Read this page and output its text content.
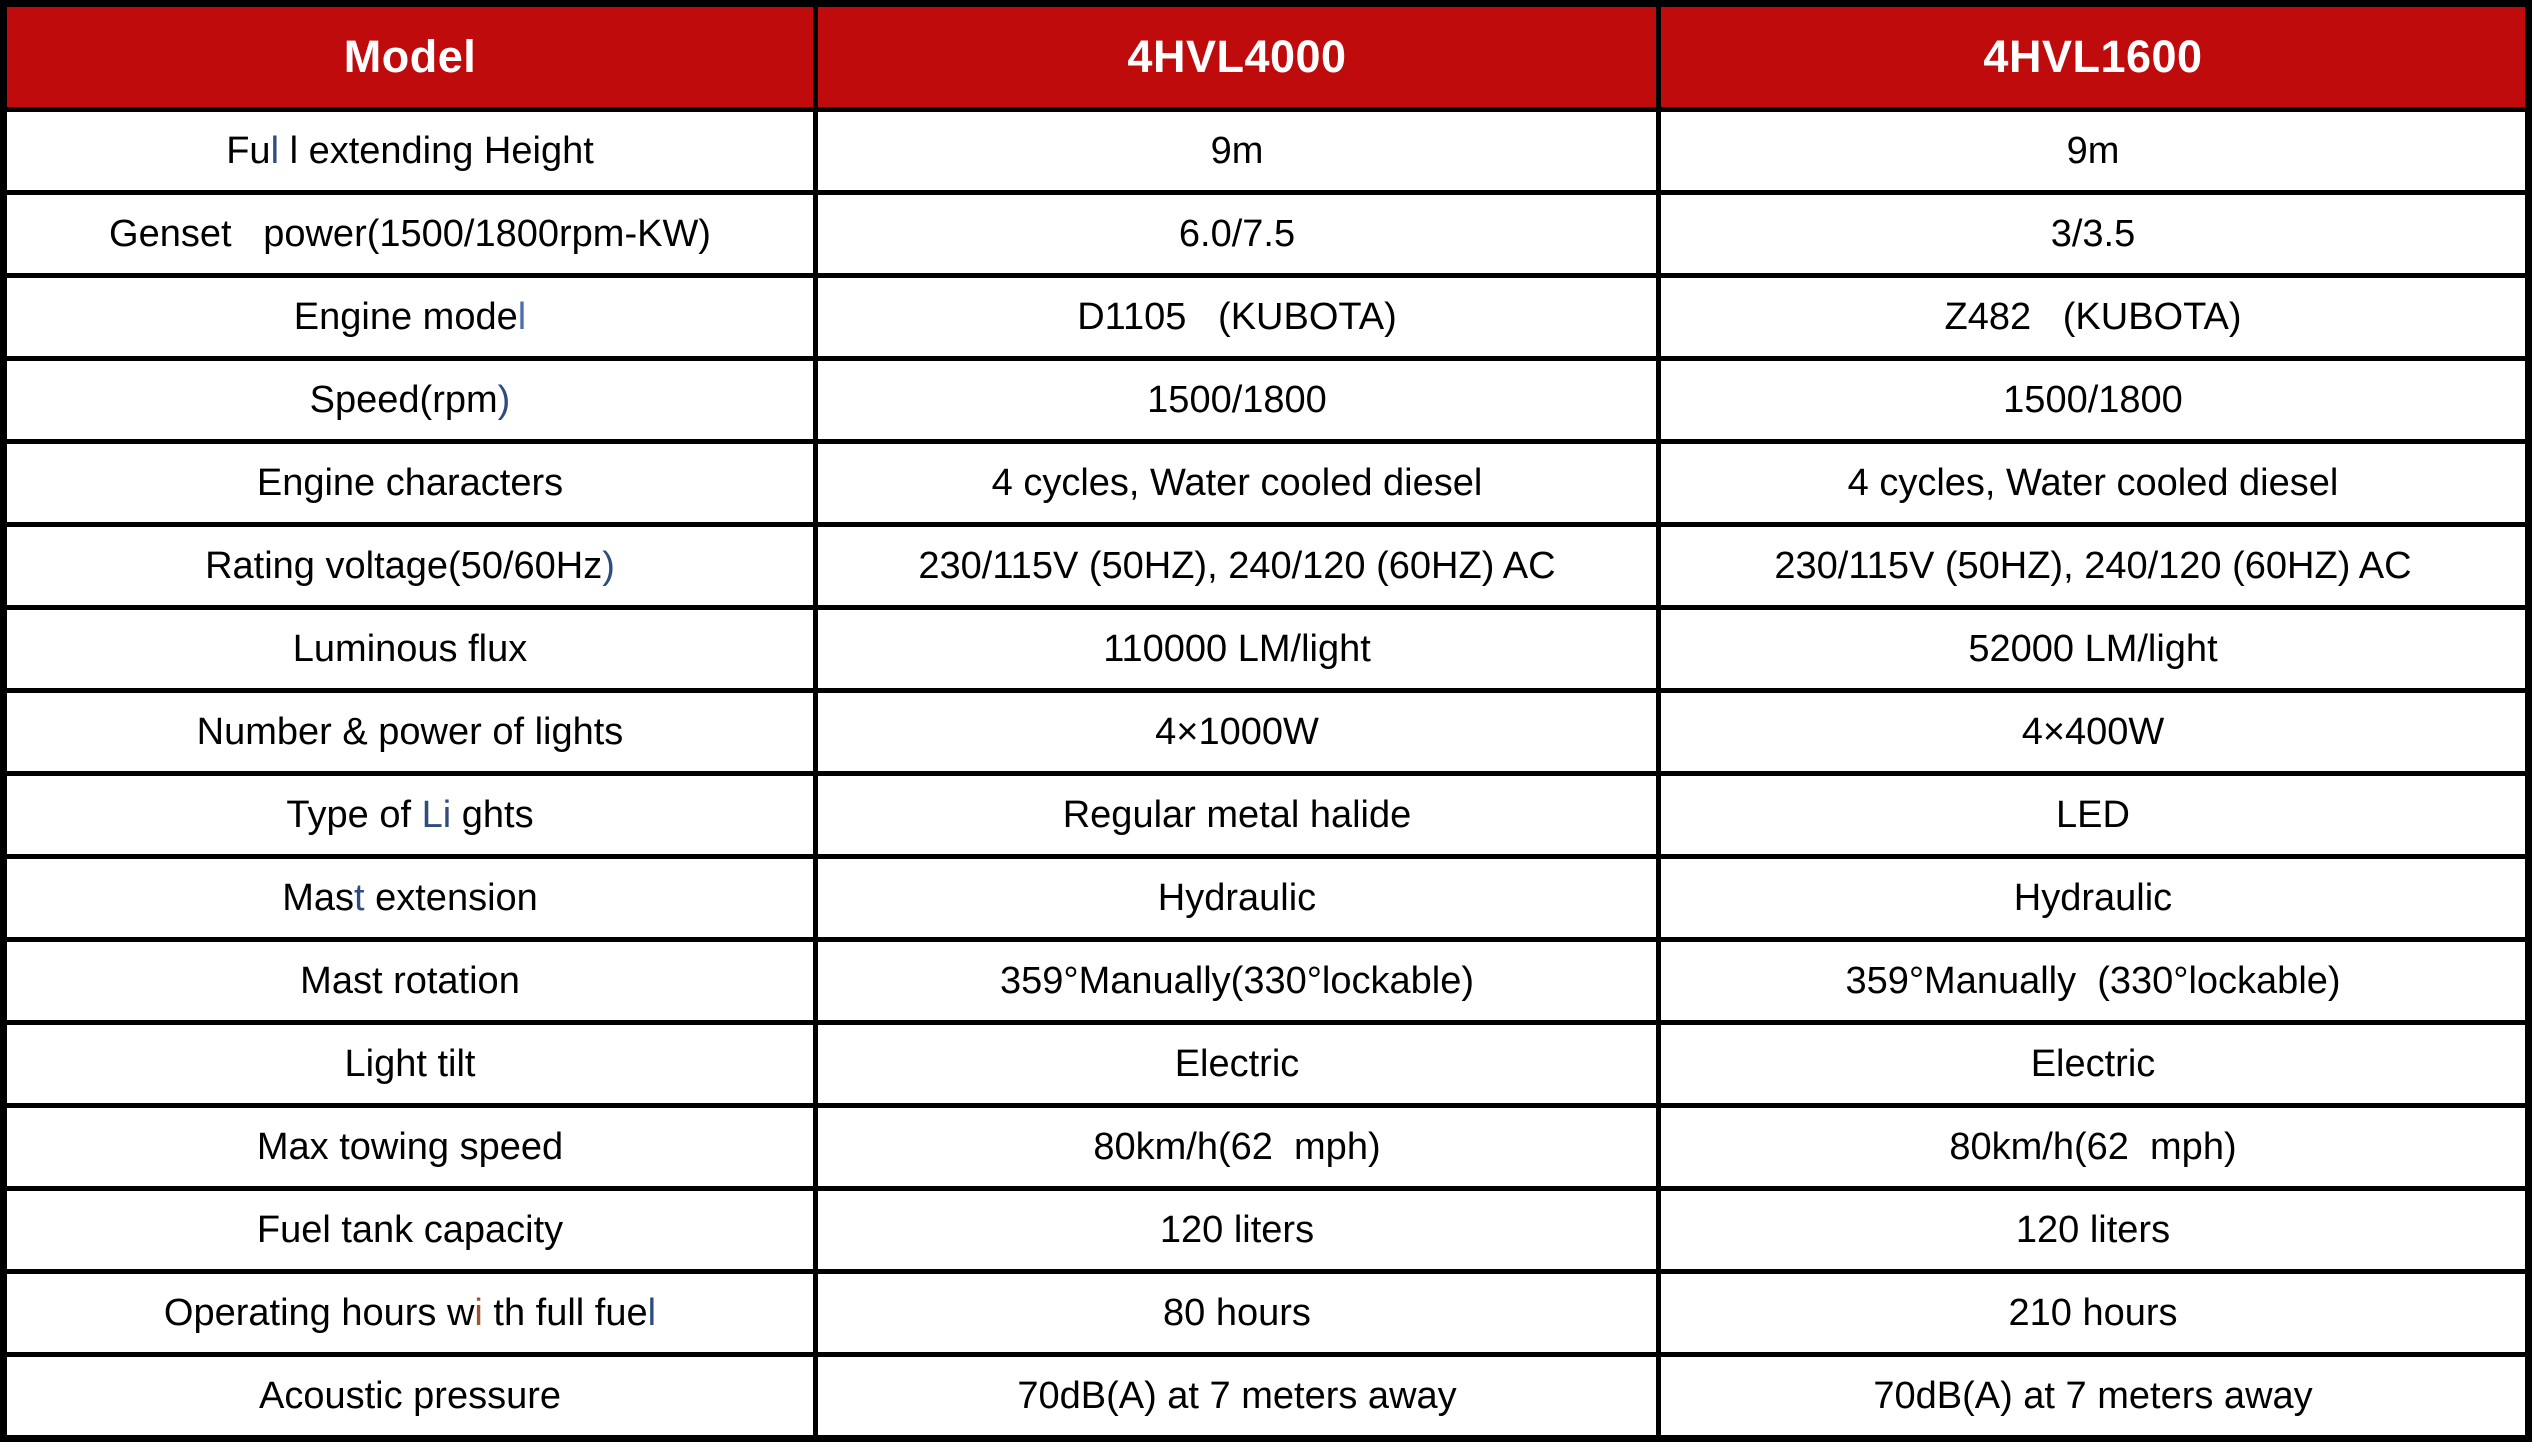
Model	4HVL4000	4HVL1600
Ful l extending Height	9m	9m
Genset   power(1500/1800rpm-KW)	6.0/7.5	3/3.5
Engine model	D1105   (KUBOTA)	Z482   (KUBOTA)
Speed(rpm)	1500/1800	1500/1800
Engine characters	4 cycles, Water cooled diesel	4 cycles, Water cooled diesel
Rating voltage(50/60Hz)	230/115V (50HZ), 240/120 (60HZ) AC	230/115V (50HZ), 240/120 (60HZ) AC
Luminous flux	110000 LM/light	52000 LM/light
Number & power of lights	4×1000W	4×400W
Type of Li ghts	Regular metal halide	LED
Mast extension	Hydraulic	Hydraulic
Mast rotation	359°Manually(330°lockable)	359°Manually  (330°lockable)
Light tilt	Electric	Electric
Max towing speed	80km/h(62  mph)	80km/h(62  mph)
Fuel tank capacity	120 liters	120 liters
Operating hours wi th full fuel	80 hours	210 hours
Acoustic pressure	70dB(A) at 7 meters away	70dB(A) at 7 meters away
